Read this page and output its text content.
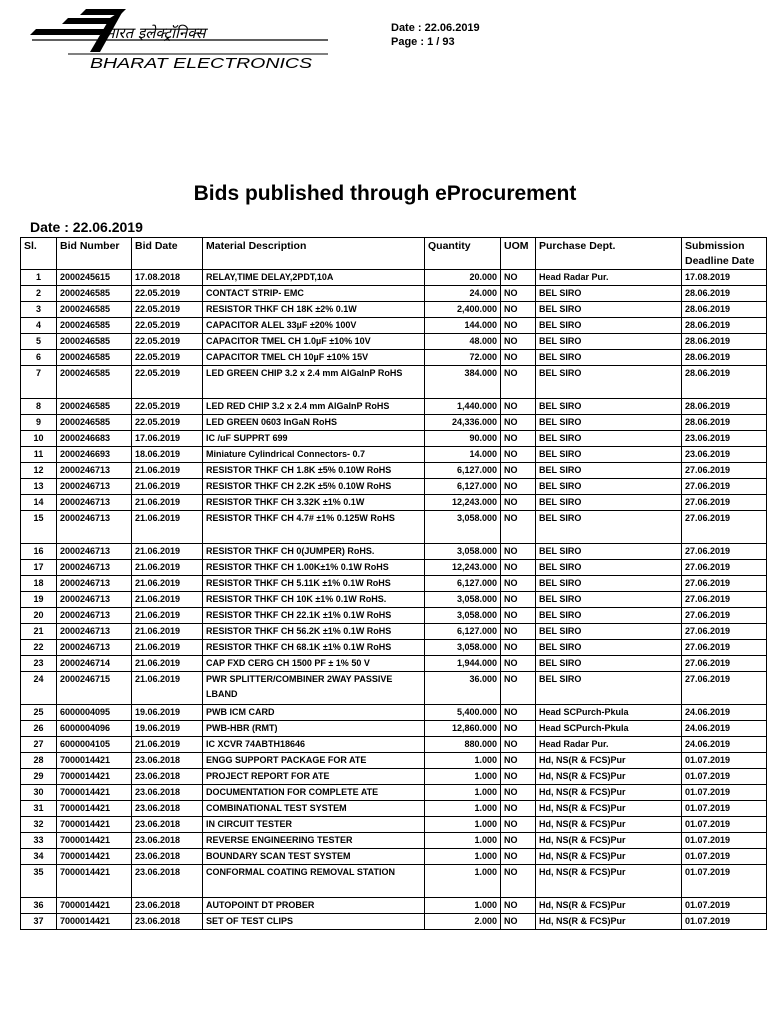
भारत इलेक्ट्रॉनिक्स
BHARAT ELECTRONICS
Date : 22.06.2019
Page : 1 / 93
Bids published through eProcurement
Date : 22.06.2019
Sl.	Bid Number	Bid Date	Material Description	Quantity	UOM	Purchase Dept.	Submission Deadline Date
1	2000245615	17.08.2018	RELAY,TIME DELAY,2PDT,10A	20.000	NO	Head Radar Pur.	17.08.2019
2	2000246585	22.05.2019	CONTACT STRIP- EMC	24.000	NO	BEL SIRO	28.06.2019
3	2000246585	22.05.2019	RESISTOR THKF CH 18K ±2% 0.1W	2,400.000	NO	BEL SIRO	28.06.2019
4	2000246585	22.05.2019	CAPACITOR ALEL 33µF ±20% 100V	144.000	NO	BEL SIRO	28.06.2019
5	2000246585	22.05.2019	CAPACITOR TMEL CH 1.0µF ±10% 10V	48.000	NO	BEL SIRO	28.06.2019
6	2000246585	22.05.2019	CAPACITOR TMEL CH 10µF ±10% 15V	72.000	NO	BEL SIRO	28.06.2019
7	2000246585	22.05.2019	LED GREEN CHIP 3.2 x 2.4 mm AlGaInP RoHS	384.000	NO	BEL SIRO	28.06.2019
8	2000246585	22.05.2019	LED RED CHIP 3.2 x 2.4 mm AlGaInP RoHS	1,440.000	NO	BEL SIRO	28.06.2019
9	2000246585	22.05.2019	LED GREEN 0603 InGaN RoHS	24,336.000	NO	BEL SIRO	28.06.2019
10	2000246683	17.06.2019	IC /uF SUPPRT 699	90.000	NO	BEL SIRO	23.06.2019
11	2000246693	18.06.2019	Miniature Cylindrical Connectors- 0.7	14.000	NO	BEL SIRO	23.06.2019
12	2000246713	21.06.2019	RESISTOR THKF CH 1.8K ±5% 0.10W RoHS	6,127.000	NO	BEL SIRO	27.06.2019
13	2000246713	21.06.2019	RESISTOR THKF CH 2.2K ±5% 0.10W RoHS	6,127.000	NO	BEL SIRO	27.06.2019
14	2000246713	21.06.2019	RESISTOR THKF CH 3.32K ±1% 0.1W	12,243.000	NO	BEL SIRO	27.06.2019
15	2000246713	21.06.2019	RESISTOR THKF CH 4.7# ±1% 0.125W RoHS	3,058.000	NO	BEL SIRO	27.06.2019
16	2000246713	21.06.2019	RESISTOR THKF CH 0(JUMPER) RoHS.	3,058.000	NO	BEL SIRO	27.06.2019
17	2000246713	21.06.2019	RESISTOR THKF CH 1.00K±1% 0.1W RoHS	12,243.000	NO	BEL SIRO	27.06.2019
18	2000246713	21.06.2019	RESISTOR THKF CH 5.11K ±1% 0.1W RoHS	6,127.000	NO	BEL SIRO	27.06.2019
19	2000246713	21.06.2019	RESISTOR THKF CH 10K ±1% 0.1W RoHS.	3,058.000	NO	BEL SIRO	27.06.2019
20	2000246713	21.06.2019	RESISTOR THKF CH 22.1K ±1% 0.1W RoHS	3,058.000	NO	BEL SIRO	27.06.2019
21	2000246713	21.06.2019	RESISTOR THKF CH 56.2K ±1% 0.1W RoHS	6,127.000	NO	BEL SIRO	27.06.2019
22	2000246713	21.06.2019	RESISTOR THKF CH 68.1K ±1% 0.1W RoHS	3,058.000	NO	BEL SIRO	27.06.2019
23	2000246714	21.06.2019	CAP FXD CERG CH 1500 PF ± 1% 50 V	1,944.000	NO	BEL SIRO	27.06.2019
24	2000246715	21.06.2019	PWR SPLITTER/COMBINER 2WAY PASSIVE LBAND	36.000	NO	BEL SIRO	27.06.2019
25	6000004095	19.06.2019	PWB ICM CARD	5,400.000	NO	Head SCPurch-Pkula	24.06.2019
26	6000004096	19.06.2019	PWB-HBR (RMT)	12,860.000	NO	Head SCPurch-Pkula	24.06.2019
27	6000004105	21.06.2019	IC XCVR 74ABTH18646	880.000	NO	Head Radar Pur.	24.06.2019
28	7000014421	23.06.2018	ENGG SUPPORT PACKAGE FOR ATE	1.000	NO	Hd, NS(R & FCS)Pur	01.07.2019
29	7000014421	23.06.2018	PROJECT REPORT FOR ATE	1.000	NO	Hd, NS(R & FCS)Pur	01.07.2019
30	7000014421	23.06.2018	DOCUMENTATION FOR COMPLETE ATE	1.000	NO	Hd, NS(R & FCS)Pur	01.07.2019
31	7000014421	23.06.2018	COMBINATIONAL TEST SYSTEM	1.000	NO	Hd, NS(R & FCS)Pur	01.07.2019
32	7000014421	23.06.2018	IN CIRCUIT TESTER	1.000	NO	Hd, NS(R & FCS)Pur	01.07.2019
33	7000014421	23.06.2018	REVERSE ENGINEERING TESTER	1.000	NO	Hd, NS(R & FCS)Pur	01.07.2019
34	7000014421	23.06.2018	BOUNDARY SCAN TEST SYSTEM	1.000	NO	Hd, NS(R & FCS)Pur	01.07.2019
35	7000014421	23.06.2018	CONFORMAL COATING REMOVAL STATION	1.000	NO	Hd, NS(R & FCS)Pur	01.07.2019
36	7000014421	23.06.2018	AUTOPOINT DT PROBER	1.000	NO	Hd, NS(R & FCS)Pur	01.07.2019
37	7000014421	23.06.2018	SET OF TEST CLIPS	2.000	NO	Hd, NS(R & FCS)Pur	01.07.2019
